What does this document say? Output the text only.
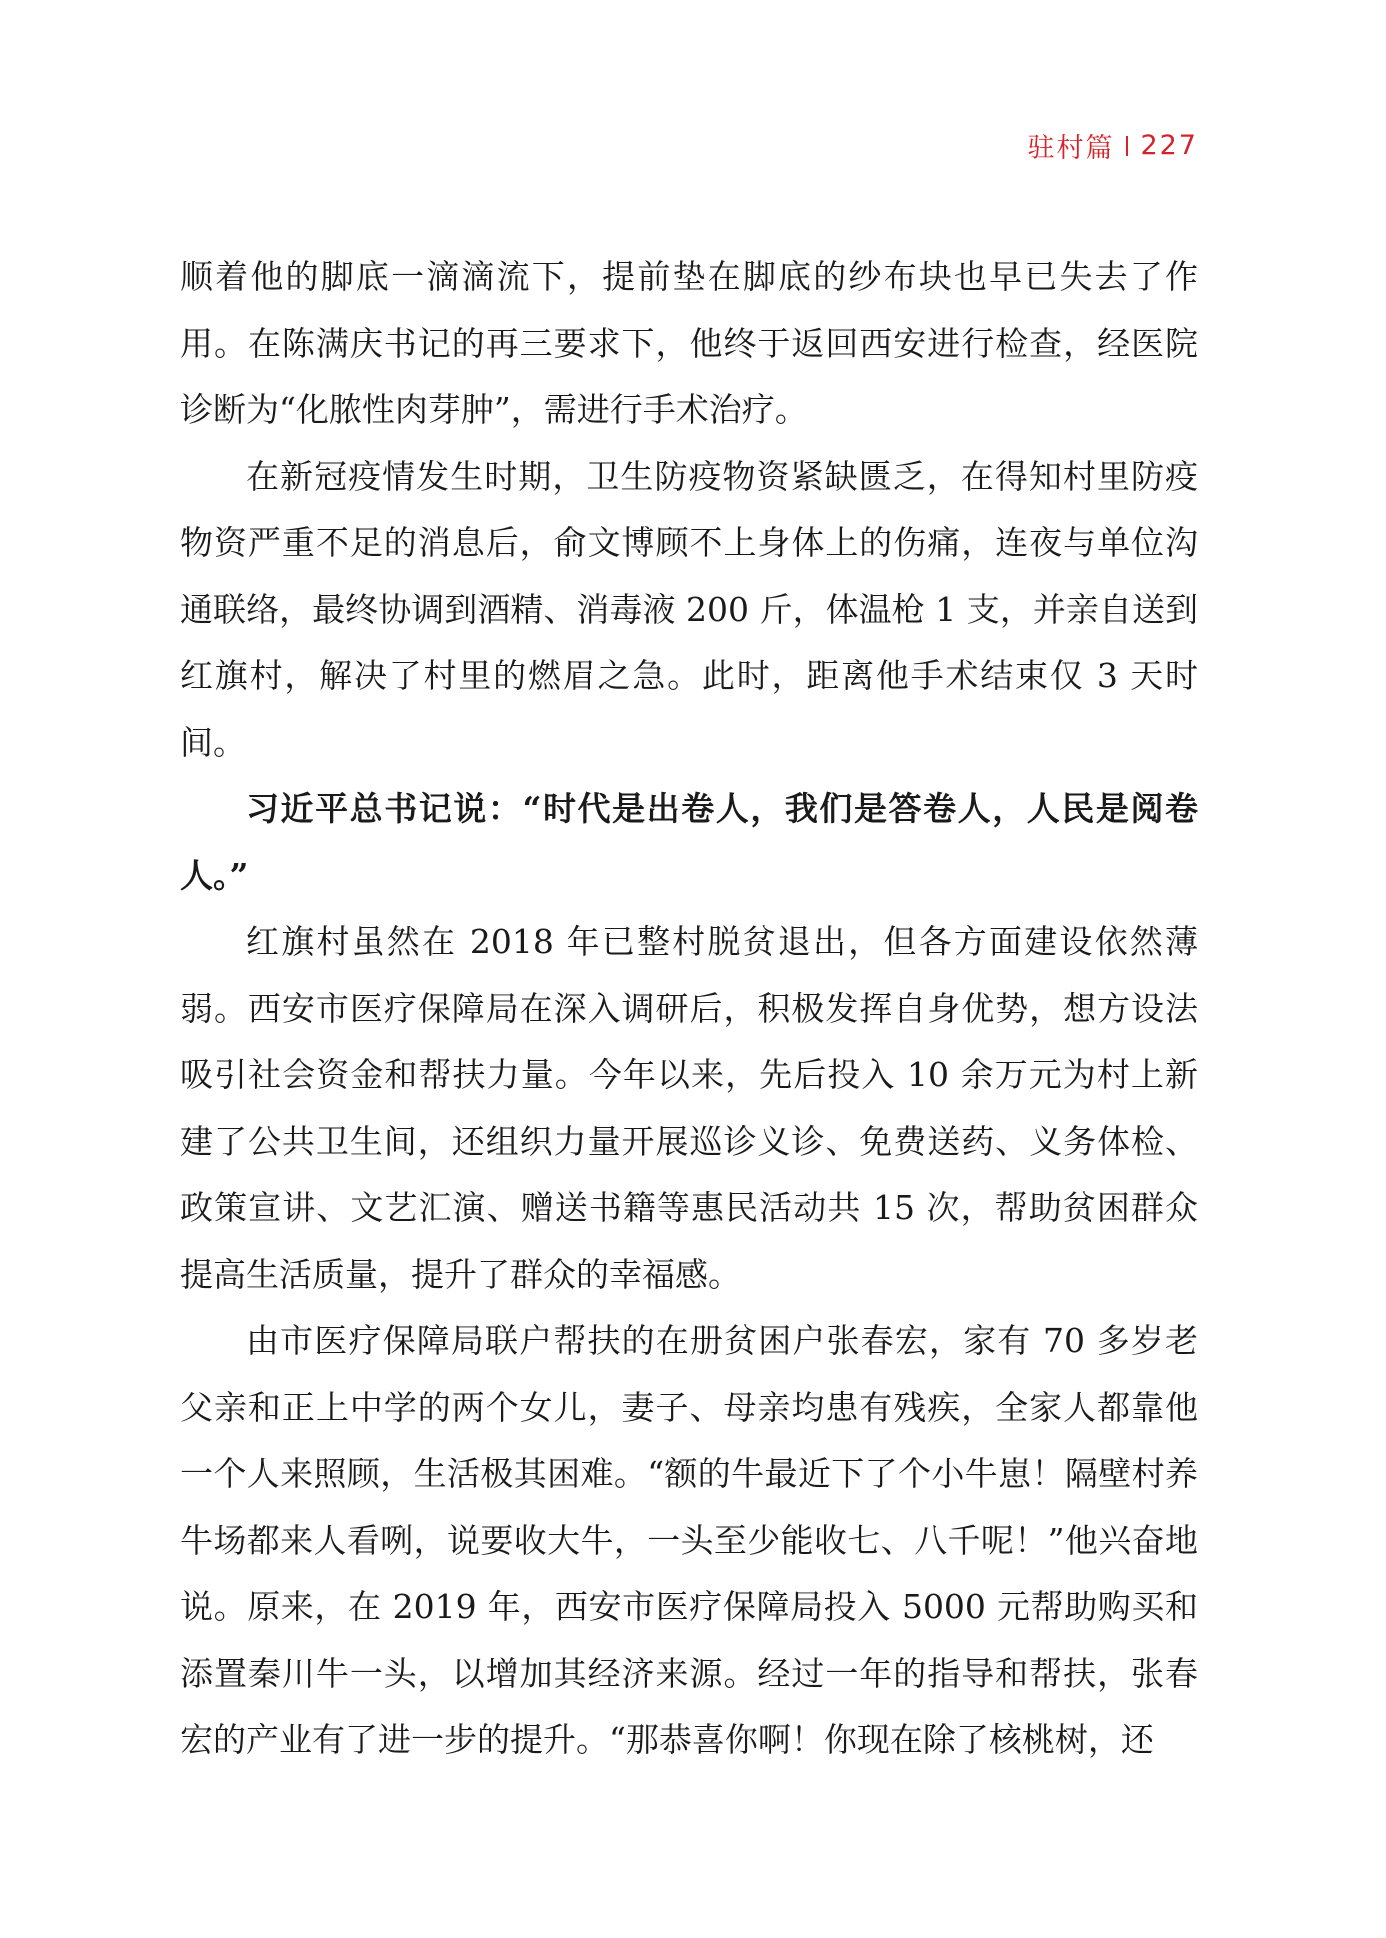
驻村篇 227

顺着他的脚底一滴滴流下，提前垫在脚底的纱布块也早已失去了作用。在陈满庆书记的再三要求下，他终于返回西安进行检查，经医院诊断为“化脓性肉芽肿”，需进行手术治疗。

在新冠疫情发生时期，卫生防疫物资紧缺匮乏，在得知村里防疫物资严重不足的消息后，俞文博顾不上身体上的伤痛，连夜与单位沟通联络，最终协调到酒精、消毒液 200 斤，体温枪 1 支，并亲自送到红旗村，解决了村里的燃眉之急。此时，距离他手术结束仅 3 天时间。

习近平总书记说：“时代是出卷人，我们是答卷人，人民是阅卷人。”

红旗村虽然在 2018 年已整村脱贫退出，但各方面建设依然薄弱。西安市医疗保障局在深入调研后，积极发挥自身优势，想方设法吸引社会资金和帮扶力量。今年以来，先后投入 10 余万元为村上新建了公共卫生间，还组织力量开展巡诊义诊、免费送药、义务体检、政策宣讲、文艺汇演、赠送书籍等惠民活动共 15 次，帮助贫困群众提高生活质量，提升了群众的幸福感。

由市医疗保障局联户帮扶的在册贫困户张春宏，家有 70 多岁老父亲和正上中学的两个女儿，妻子、母亲均患有残疾，全家人都靠他一个人来照顾，生活极其困难。“额的牛最近下了个小牛崽！隔壁村养牛场都来人看咧，说要收大牛，一头至少能收七、八千呢！”他兴奋地说。原来，在 2019 年，西安市医疗保障局投入 5000 元帮助购买和添置秦川牛一头，以增加其经济来源。经过一年的指导和帮扶，张春宏的产业有了进一步的提升。“那恭喜你啊！你现在除了核桃树，还
